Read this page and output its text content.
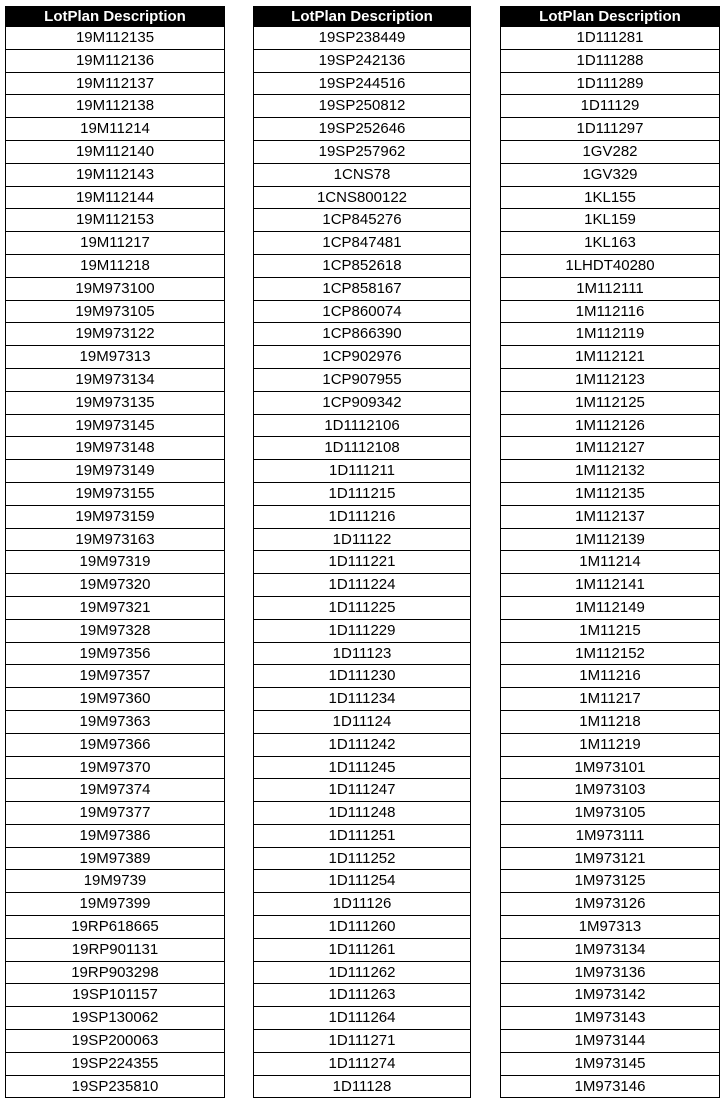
LotPlan Description
19M112135
19M112136
19M112137
19M112138
19M11214
19M112140
19M112143
19M112144
19M112153
19M11217
19M11218
19M973100
19M973105
19M973122
19M97313
19M973134
19M973135
19M973145
19M973148
19M973149
19M973155
19M973159
19M973163
19M97319
19M97320
19M97321
19M97328
19M97356
19M97357
19M97360
19M97363
19M97366
19M97370
19M97374
19M97377
19M97386
19M97389
19M9739
19M97399
19RP618665
19RP901131
19RP903298
19SP101157
19SP130062
19SP200063
19SP224355
19SP235810
LotPlan Description
19SP238449
19SP242136
19SP244516
19SP250812
19SP252646
19SP257962
1CNS78
1CNS800122
1CP845276
1CP847481
1CP852618
1CP858167
1CP860074
1CP866390
1CP902976
1CP907955
1CP909342
1D1112106
1D1112108
1D111211
1D111215
1D111216
1D11122
1D111221
1D111224
1D111225
1D111229
1D11123
1D111230
1D111234
1D11124
1D111242
1D111245
1D111247
1D111248
1D111251
1D111252
1D111254
1D11126
1D111260
1D111261
1D111262
1D111263
1D111264
1D111271
1D111274
1D11128
LotPlan Description
1D111281
1D111288
1D111289
1D11129
1D111297
1GV282
1GV329
1KL155
1KL159
1KL163
1LHDT40280
1M112111
1M112116
1M112119
1M112121
1M112123
1M112125
1M112126
1M112127
1M112132
1M112135
1M112137
1M112139
1M11214
1M112141
1M112149
1M11215
1M112152
1M11216
1M11217
1M11218
1M11219
1M973101
1M973103
1M973105
1M973111
1M973121
1M973125
1M973126
1M97313
1M973134
1M973136
1M973142
1M973143
1M973144
1M973145
1M973146
